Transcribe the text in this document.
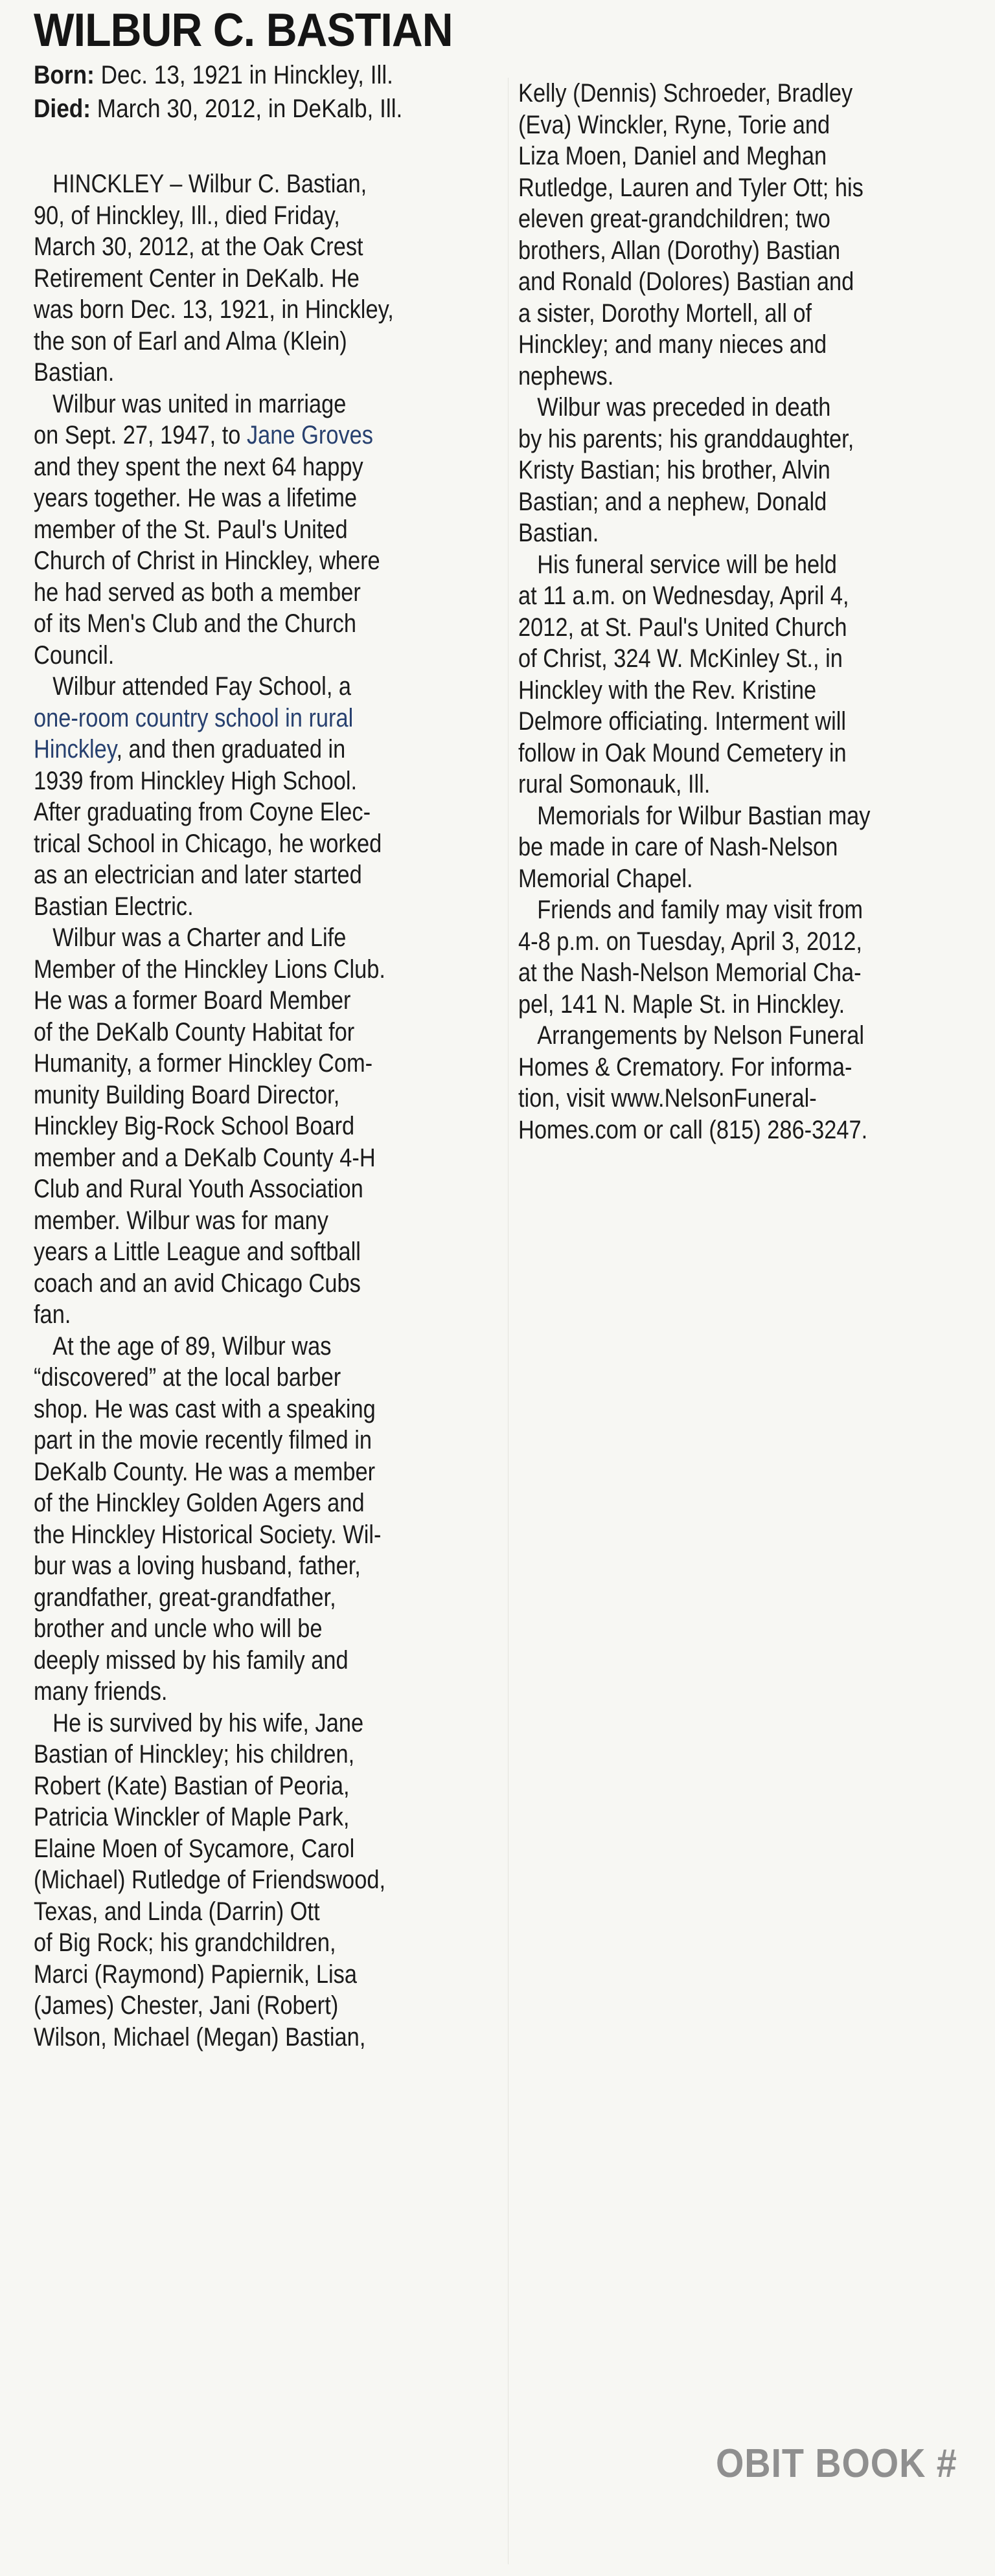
WILBUR C. BASTIAN
Born: Dec. 13, 1921 in Hinckley, Ill.
Died: March 30, 2012, in DeKalb, Ill.

HINCKLEY – Wilbur C. Bastian,
90, of Hinckley, Ill., died Friday,
March 30, 2012, at the Oak Crest
Retirement Center in DeKalb. He
was born Dec. 13, 1921, in Hinckley,
the son of Earl and Alma (Klein)
Bastian.

Wilbur was united in marriage
on Sept. 27, 1947, to Jane Groves
and they spent the next 64 happy
years together. He was a lifetime
member of the St. Paul's United
Church of Christ in Hinckley, where
he had served as both a member
of its Men's Club and the Church
Council.

Wilbur attended Fay School, a
one-room country school in rural
Hinckley, and then graduated in
1939 from Hinckley High School.
After graduating from Coyne Elec-
trical School in Chicago, he worked
as an electrician and later started
Bastian Electric.

Wilbur was a Charter and Life
Member of the Hinckley Lions Club.
He was a former Board Member
of the DeKalb County Habitat for
Humanity, a former Hinckley Com-
munity Building Board Director,
Hinckley Big-Rock School Board
member and a DeKalb County 4-H
Club and Rural Youth Association
member. Wilbur was for many
years a Little League and softball
coach and an avid Chicago Cubs
fan.

At the age of 89, Wilbur was
“discovered” at the local barber
shop. He was cast with a speaking
part in the movie recently filmed in
DeKalb County. He was a member
of the Hinckley Golden Agers and
the Hinckley Historical Society. Wil-
bur was a loving husband, father,
grandfather, great-grandfather,
brother and uncle who will be
deeply missed by his family and
many friends.

He is survived by his wife, Jane
Bastian of Hinckley; his children,
Robert (Kate) Bastian of Peoria,
Patricia Winckler of Maple Park,
Elaine Moen of Sycamore, Carol
(Michael) Rutledge of Friendswood,
Texas, and Linda (Darrin) Ott
of Big Rock; his grandchildren,
Marci (Raymond) Papiernik, Lisa
(James) Chester, Jani (Robert)
Wilson, Michael (Megan) Bastian,

Kelly (Dennis) Schroeder, Bradley
(Eva) Winckler, Ryne, Torie and
Liza Moen, Daniel and Meghan
Rutledge, Lauren and Tyler Ott; his
eleven great-grandchildren; two
brothers, Allan (Dorothy) Bastian
and Ronald (Dolores) Bastian and
a sister, Dorothy Mortell, all of
Hinckley; and many nieces and
nephews.

Wilbur was preceded in death
by his parents; his granddaughter,
Kristy Bastian; his brother, Alvin
Bastian; and a nephew, Donald
Bastian.

His funeral service will be held
at 11 a.m. on Wednesday, April 4,
2012, at St. Paul's United Church
of Christ, 324 W. McKinley St., in
Hinckley with the Rev. Kristine
Delmore officiating. Interment will
follow in Oak Mound Cemetery in
rural Somonauk, Ill.

Memorials for Wilbur Bastian may
be made in care of Nash-Nelson
Memorial Chapel.

Friends and family may visit from
4-8 p.m. on Tuesday, April 3, 2012,
at the Nash-Nelson Memorial Cha-
pel, 141 N. Maple St. in Hinckley.

Arrangements by Nelson Funeral
Homes & Crematory. For informa-
tion, visit www.NelsonFuneral-
Homes.com or call (815) 286-3247.

OBIT BOOK #
